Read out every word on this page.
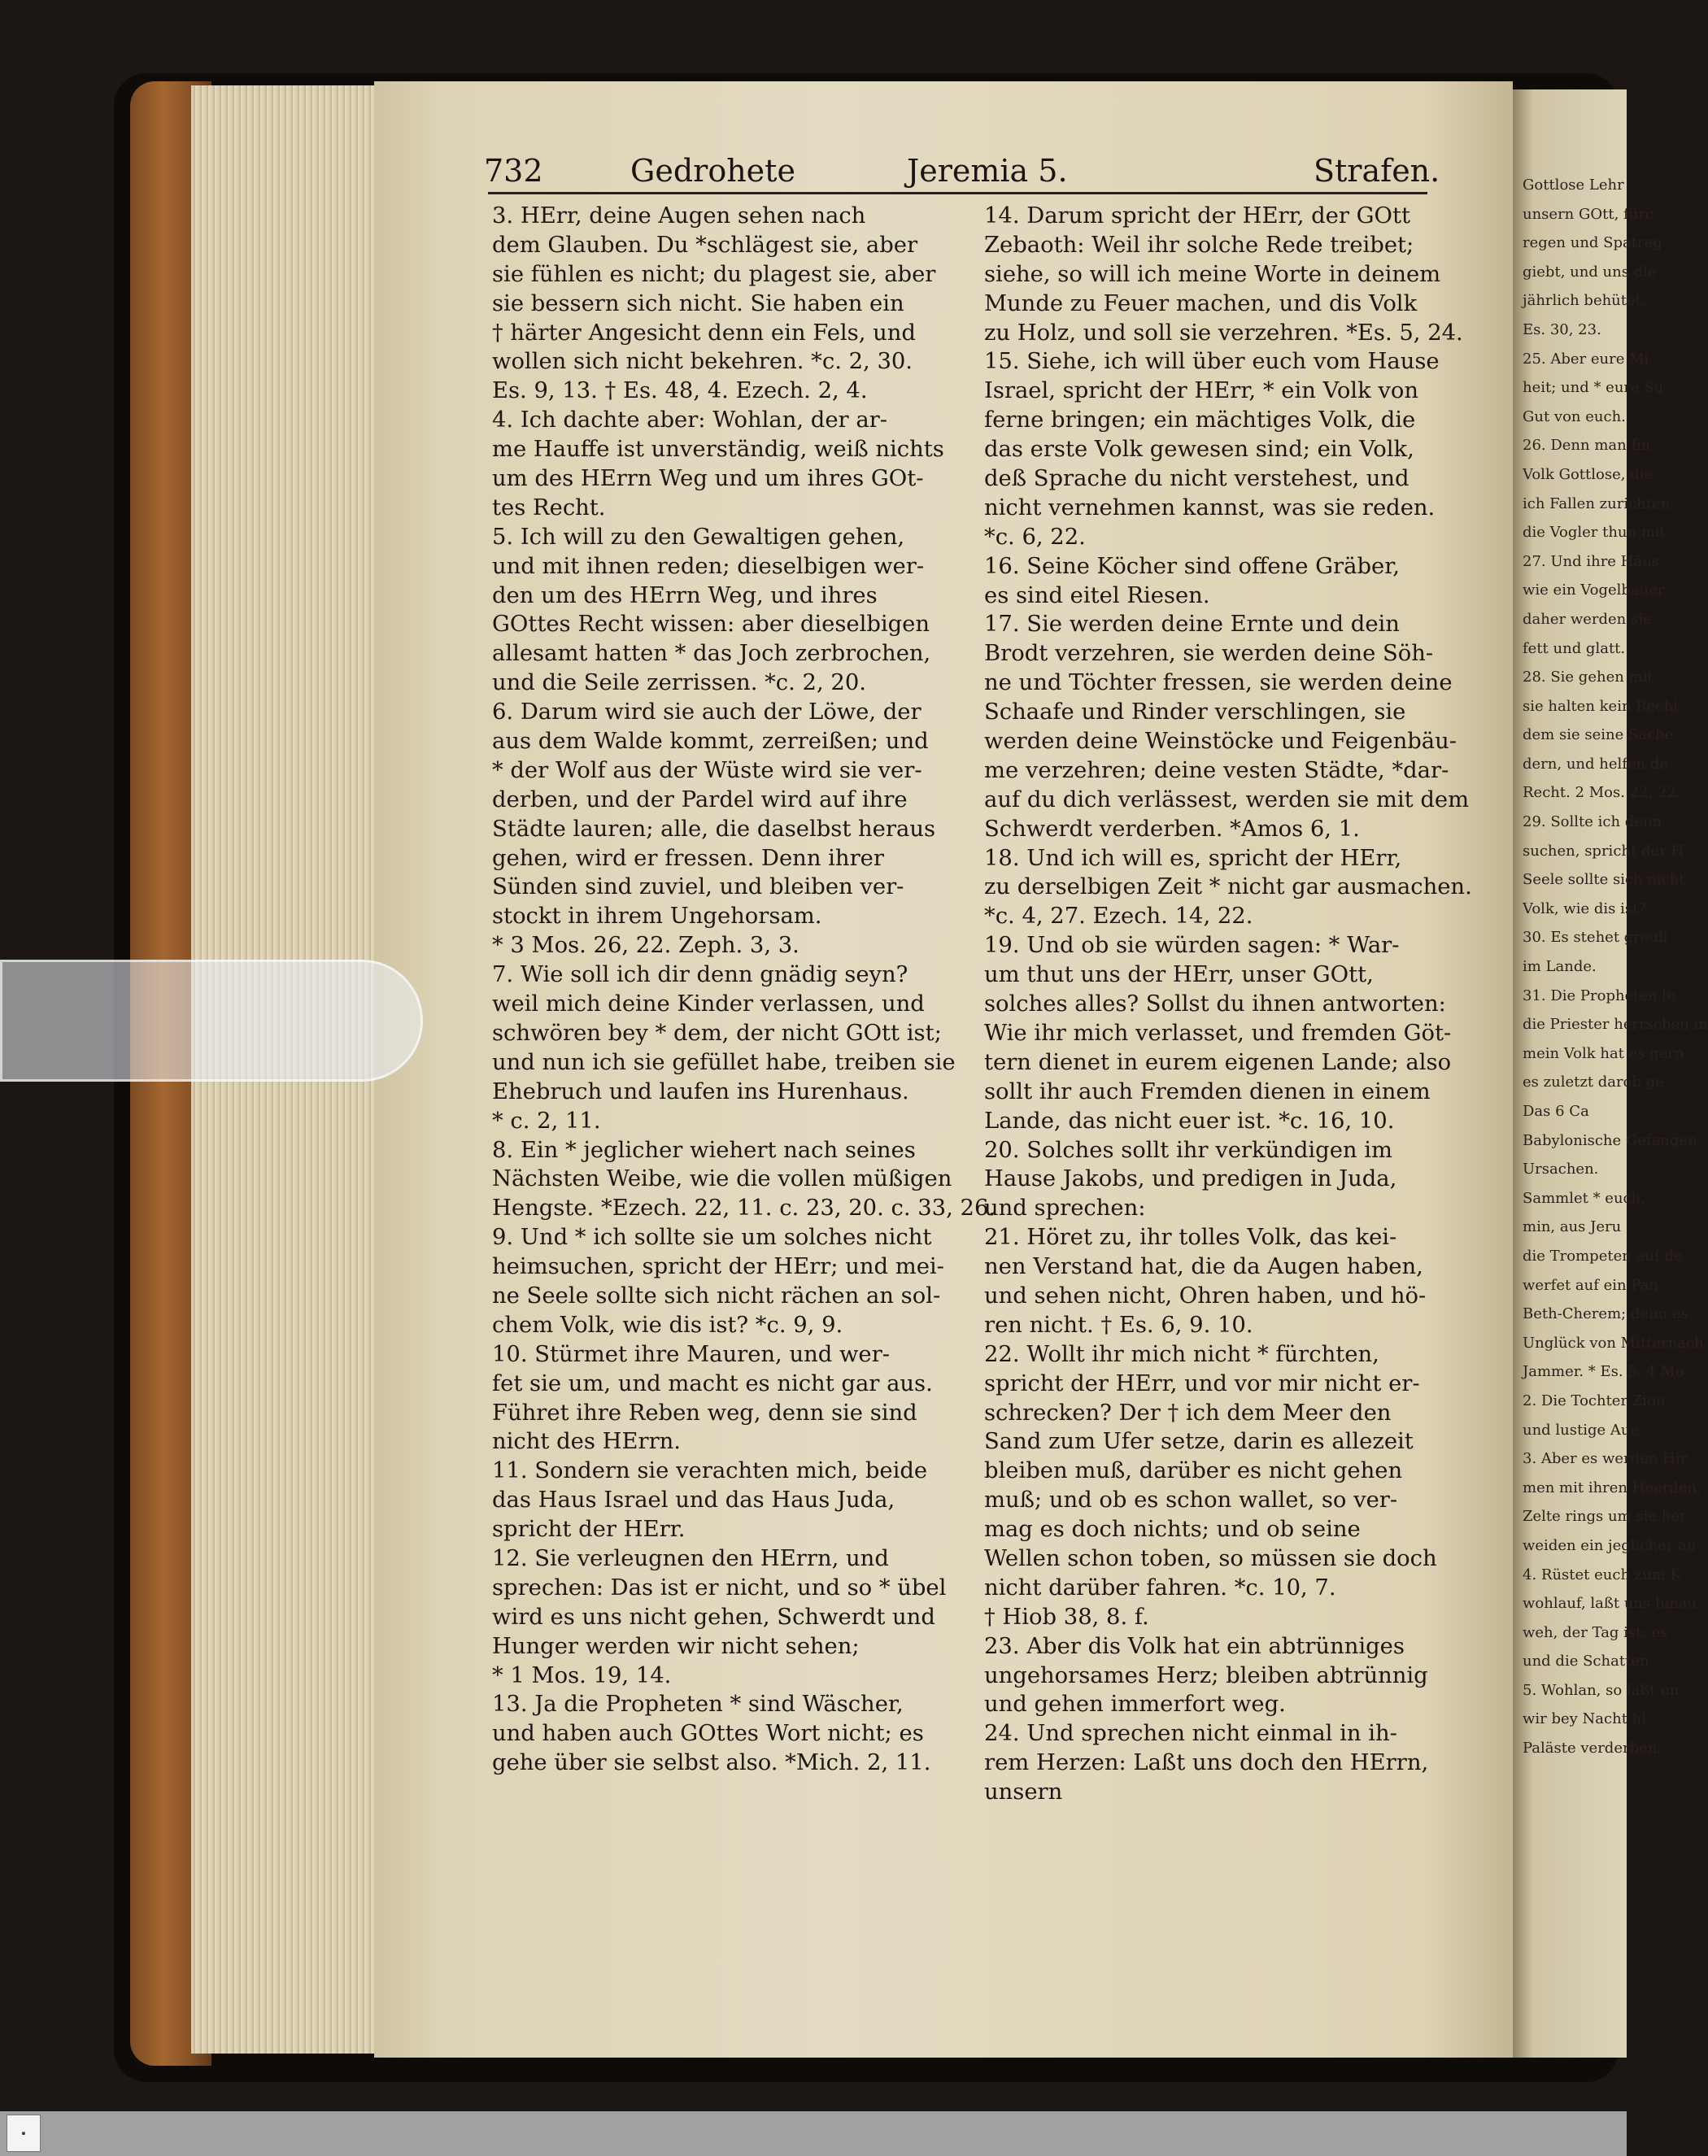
732	Gedrohete	Jeremia 5.	Strafen.
3. HErr, deine Augen sehen nach
dem Glauben. Du *schlägest sie, aber
sie fühlen es nicht; du plagest sie, aber
sie bessern sich nicht. Sie haben ein
† härter Angesicht denn ein Fels, und
wollen sich nicht bekehren. *c. 2, 30.
Es. 9, 13. † Es. 48, 4. Ezech. 2, 4.
4. Ich dachte aber: Wohlan, der ar-
me Hauffe ist unverständig, weiß nichts
um des HErrn Weg und um ihres GOt-
tes Recht.
5. Ich will zu den Gewaltigen gehen,
und mit ihnen reden; dieselbigen wer-
den um des HErrn Weg, und ihres
GOttes Recht wissen: aber dieselbigen
allesamt hatten * das Joch zerbrochen,
und die Seile zerrissen. *c. 2, 20.
6. Darum wird sie auch der Löwe, der
aus dem Walde kommt, zerreißen; und
* der Wolf aus der Wüste wird sie ver-
derben, und der Pardel wird auf ihre
Städte lauren; alle, die daselbst heraus
gehen, wird er fressen. Denn ihrer
Sünden sind zuviel, und bleiben ver-
stockt in ihrem Ungehorsam.
* 3 Mos. 26, 22. Zeph. 3, 3.
7. Wie soll ich dir denn gnädig seyn?
weil mich deine Kinder verlassen, und
schwören bey * dem, der nicht GOtt ist;
und nun ich sie gefüllet habe, treiben sie
Ehebruch und laufen ins Hurenhaus.
* c. 2, 11.
8. Ein * jeglicher wiehert nach seines
Nächsten Weibe, wie die vollen müßigen
Hengste. *Ezech. 22, 11. c. 23, 20. c. 33, 26.
9. Und * ich sollte sie um solches nicht
heimsuchen, spricht der HErr; und mei-
ne Seele sollte sich nicht rächen an sol-
chem Volk, wie dis ist? *c. 9, 9.
10. Stürmet ihre Mauren, und wer-
fet sie um, und macht es nicht gar aus.
Führet ihre Reben weg, denn sie sind
nicht des HErrn.
11. Sondern sie verachten mich, beide
das Haus Israel und das Haus Juda,
spricht der HErr.
12. Sie verleugnen den HErrn, und
sprechen: Das ist er nicht, und so * übel
wird es uns nicht gehen, Schwerdt und
Hunger werden wir nicht sehen;
* 1 Mos. 19, 14.
13. Ja die Propheten * sind Wäscher,
und haben auch GOttes Wort nicht; es
gehe über sie selbst also. *Mich. 2, 11.
14. Darum spricht der HErr, der GOtt
Zebaoth: Weil ihr solche Rede treibet;
siehe, so will ich meine Worte in deinem
Munde zu Feuer machen, und dis Volk
zu Holz, und soll sie verzehren. *Es. 5, 24.
15. Siehe, ich will über euch vom Hause
Israel, spricht der HErr, * ein Volk von
ferne bringen; ein mächtiges Volk, die
das erste Volk gewesen sind; ein Volk,
deß Sprache du nicht verstehest, und
nicht vernehmen kannst, was sie reden.
*c. 6, 22.
16. Seine Köcher sind offene Gräber,
es sind eitel Riesen.
17. Sie werden deine Ernte und dein
Brodt verzehren, sie werden deine Söh-
ne und Töchter fressen, sie werden deine
Schaafe und Rinder verschlingen, sie
werden deine Weinstöcke und Feigenbäu-
me verzehren; deine vesten Städte, *dar-
auf du dich verlässest, werden sie mit dem
Schwerdt verderben. *Amos 6, 1.
18. Und ich will es, spricht der HErr,
zu derselbigen Zeit * nicht gar ausmachen.
*c. 4, 27. Ezech. 14, 22.
19. Und ob sie würden sagen: * War-
um thut uns der HErr, unser GOtt,
solches alles? Sollst du ihnen antworten:
Wie ihr mich verlasset, und fremden Göt-
tern dienet in eurem eigenen Lande; also
sollt ihr auch Fremden dienen in einem
Lande, das nicht euer ist. *c. 16, 10.
20. Solches sollt ihr verkündigen im
Hause Jakobs, und predigen in Juda,
und sprechen:
21. Höret zu, ihr tolles Volk, das kei-
nen Verstand hat, die da Augen haben,
und sehen nicht, Ohren haben, und hö-
ren nicht. † Es. 6, 9. 10.
22. Wollt ihr mich nicht * fürchten,
spricht der HErr, und vor mir nicht er-
schrecken? Der † ich dem Meer den
Sand zum Ufer setze, darin es allezeit
bleiben muß, darüber es nicht gehen
muß; und ob es schon wallet, so ver-
mag es doch nichts; und ob seine
Wellen schon toben, so müssen sie doch
nicht darüber fahren. *c. 10, 7.
† Hiob 38, 8. f.
23. Aber dis Volk hat ein abtrünniges
ungehorsames Herz; bleiben abtrünnig
und gehen immerfort weg.
24. Und sprechen nicht einmal in ih-
rem Herzen: Laßt uns doch den HErrn,
unsern
Gottlose Lehr
unsern GOtt, fürc
regen und Spatreg
giebt, und uns die
jährlich behütet.
Es. 30, 23.
25. Aber eure Mi
heit; und * eure Sü
Gut von euch.
26. Denn man fin
Volk Gottlose, die
ich Fallen zurichten
die Vogler thun mit
27. Und ihre Häus
wie ein Vogelbauer
daher werden sie
fett und glatt.
28. Sie gehen mit
sie halten kein Recht
dem sie seine Sache
dern, und helfen de
Recht. 2 Mos. 22, 22.
29. Sollte ich denn
suchen, spricht der H
Seele sollte sich nicht
Volk, wie dis ist?
30. Es stehet greuli
im Lande.
31. Die Propheten le
die Priester herrschen in
mein Volk hat es gern
es zuletzt darob ge
Das 6 Ca
Babylonische Gefangen
Ursachen.
Sammlet * euch,
min, aus Jeru
die Trompeten auf de
werfet auf ein Pan
Beth-Cherem; denn es
Unglück von Mitternach
Jammer. * Es. 5. 4 Mo
2. Die Tochter Zion
und lustige Aue.
3. Aber es werden Hir
men mit ihren Heerden,
Zelte rings um sie her
weiden ein jeglicher an
4. Rüstet euch zum K
wohlauf, laßt uns hinau
weh, der Tag ist; es
und die Schatten
5. Wohlan, so laßt un
wir bey Nacht hi
Paläste verderben.
▪
